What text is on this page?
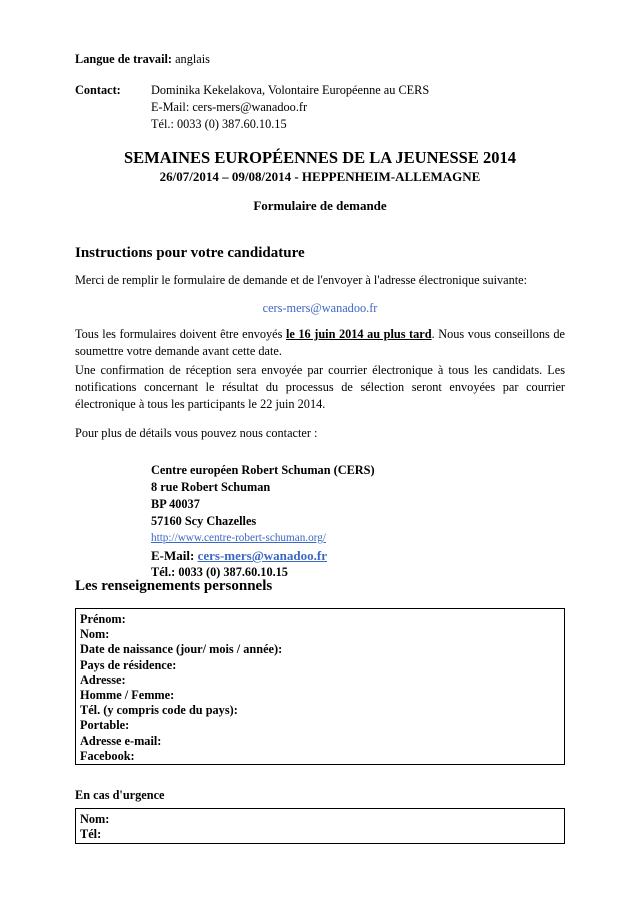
Langue de travail: anglais
Contact: Dominika Kekelakova, Volontaire Européenne au CERS
E-Mail: cers-mers@wanadoo.fr
Tél.: 0033 (0) 387.60.10.15
SEMAINES EUROPÉENNES DE LA JEUNESSE 2014
26/07/2014 – 09/08/2014 - HEPPENHEIM-ALLEMAGNE
Formulaire de demande
Instructions pour votre candidature
Merci de remplir le formulaire de demande et de l'envoyer à l'adresse électronique suivante:
cers-mers@wanadoo.fr
Tous les formulaires doivent être envoyés le 16 juin 2014 au plus tard. Nous vous conseillons de soumettre votre demande avant cette date.
Une confirmation de réception sera envoyée par courrier électronique à tous les candidats. Les notifications concernant le résultat du processus de sélection seront envoyées par courrier électronique à tous les participants le 22 juin 2014.
Pour plus de détails vous pouvez nous contacter :
Centre européen Robert Schuman (CERS)
8 rue Robert Schuman
BP 40037
57160 Scy Chazelles
http://www.centre-robert-schuman.org/
E-Mail: cers-mers@wanadoo.fr
Tél.: 0033 (0) 387.60.10.15
Les renseignements personnels
Prénom:
Nom:
Date de naissance (jour/ mois / année):
Pays de résidence:
Adresse:
Homme / Femme:
Tél. (y compris code du pays):
Portable:
Adresse e-mail:
Facebook:
En cas d'urgence
Nom:
Tél:
